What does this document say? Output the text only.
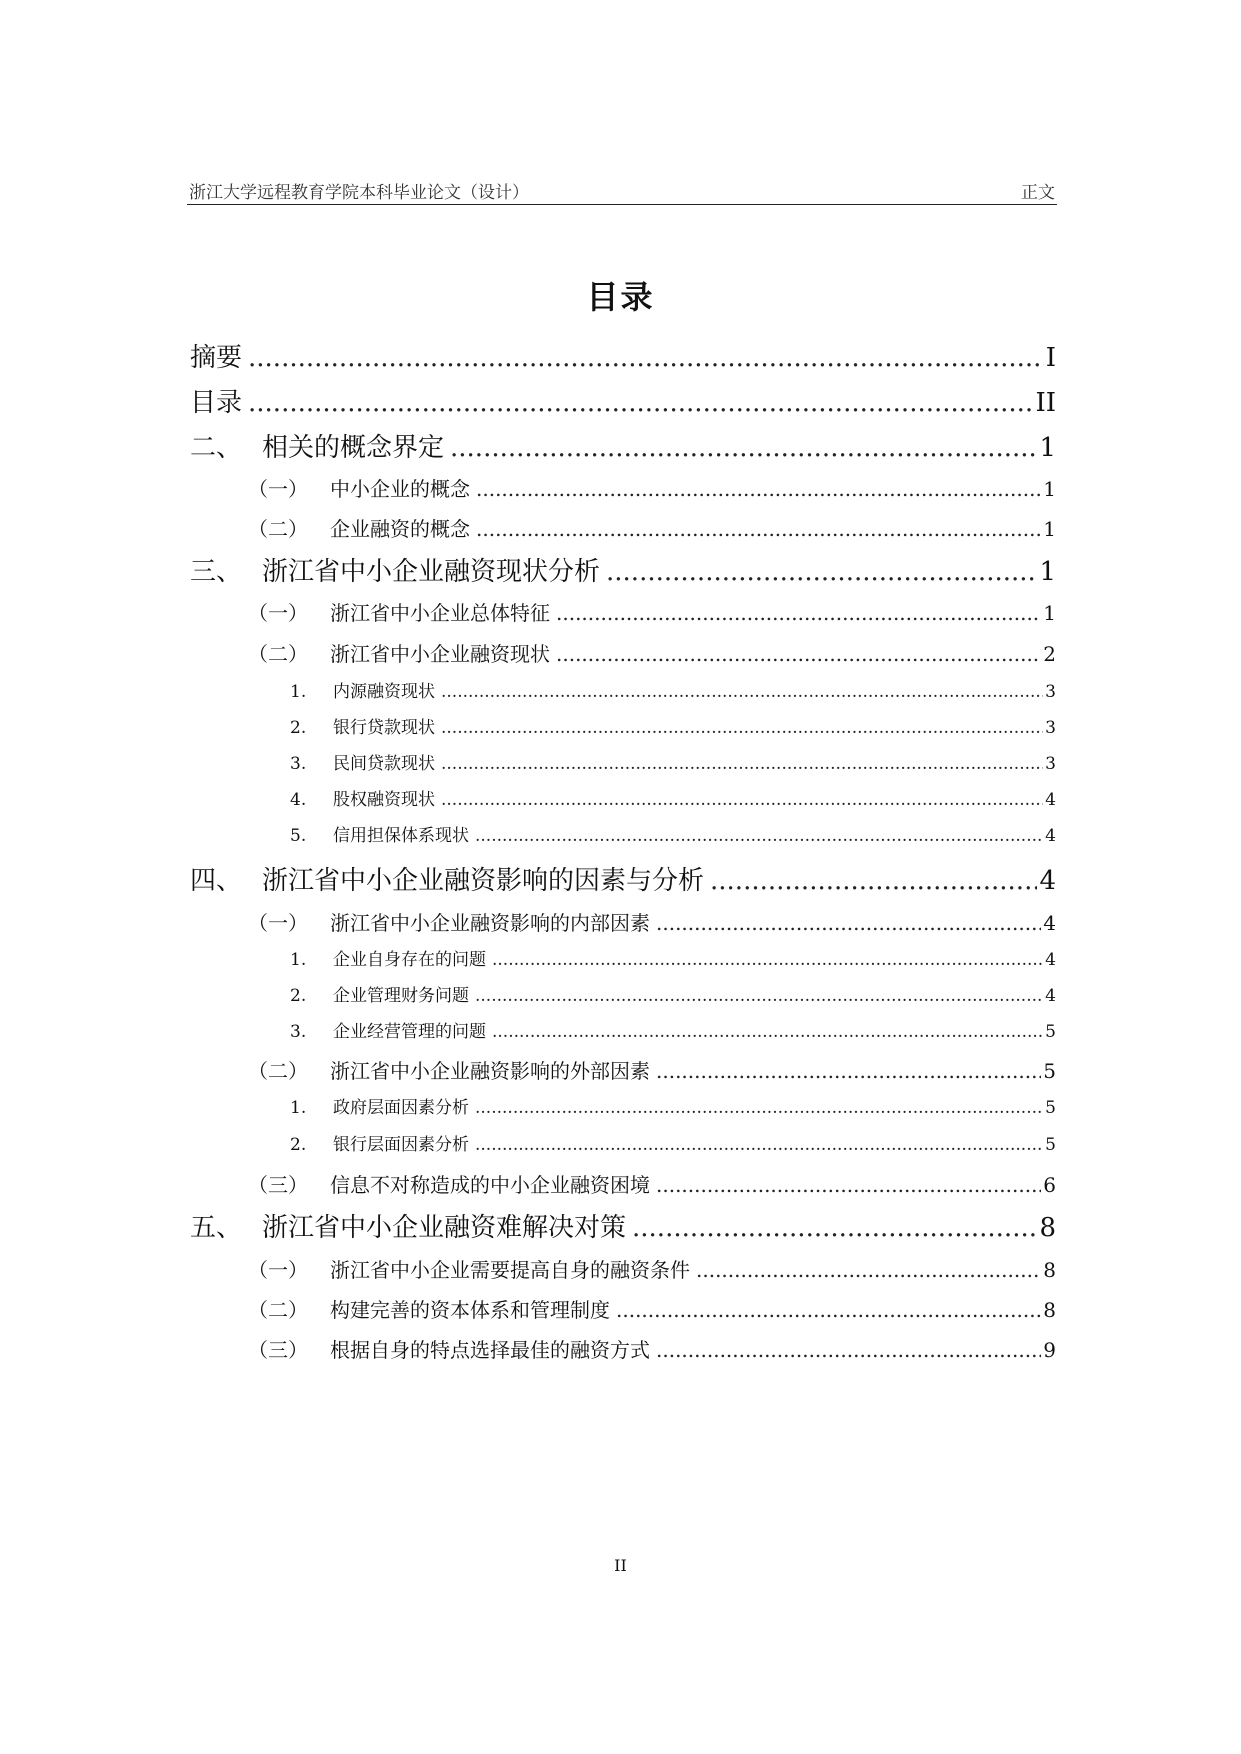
浙江大学远程教育学院本科毕业论文（设计）	正文
目录
摘要 .....	I
目录 .....	II
二、 相关的概念界定 .....	1
（一）	中小企业的概念 .....	1
（二）	企业融资的概念 .....	1
三、 浙江省中小企业融资现状分析 .....	1
（一）	浙江省中小企业总体特征 .....	1
（二）	浙江省中小企业融资现状 .....	2
1.	内源融资现状 .....	3
2.	银行贷款现状 .....	3
3.	民间贷款现状 .....	3
4.	股权融资现状 .....	4
5.	信用担保体系现状 .....	4
四、 浙江省中小企业融资影响的因素与分析 .....	4
（一）	浙江省中小企业融资影响的内部因素 .....	4
1.	企业自身存在的问题 .....	4
2.	企业管理财务问题 .....	4
3.	企业经营管理的问题 .....	5
（二）	浙江省中小企业融资影响的外部因素 .....	5
1.	政府层面因素分析 .....	5
2.	银行层面因素分析 .....	5
（三）	信息不对称造成的中小企业融资困境 .....	6
五、 浙江省中小企业融资难解决对策 .....	8
（一）	浙江省中小企业需要提高自身的融资条件 .....	8
（二）	构建完善的资本体系和管理制度 .....	8
（三）	根据自身的特点选择最佳的融资方式 .....	9
II
